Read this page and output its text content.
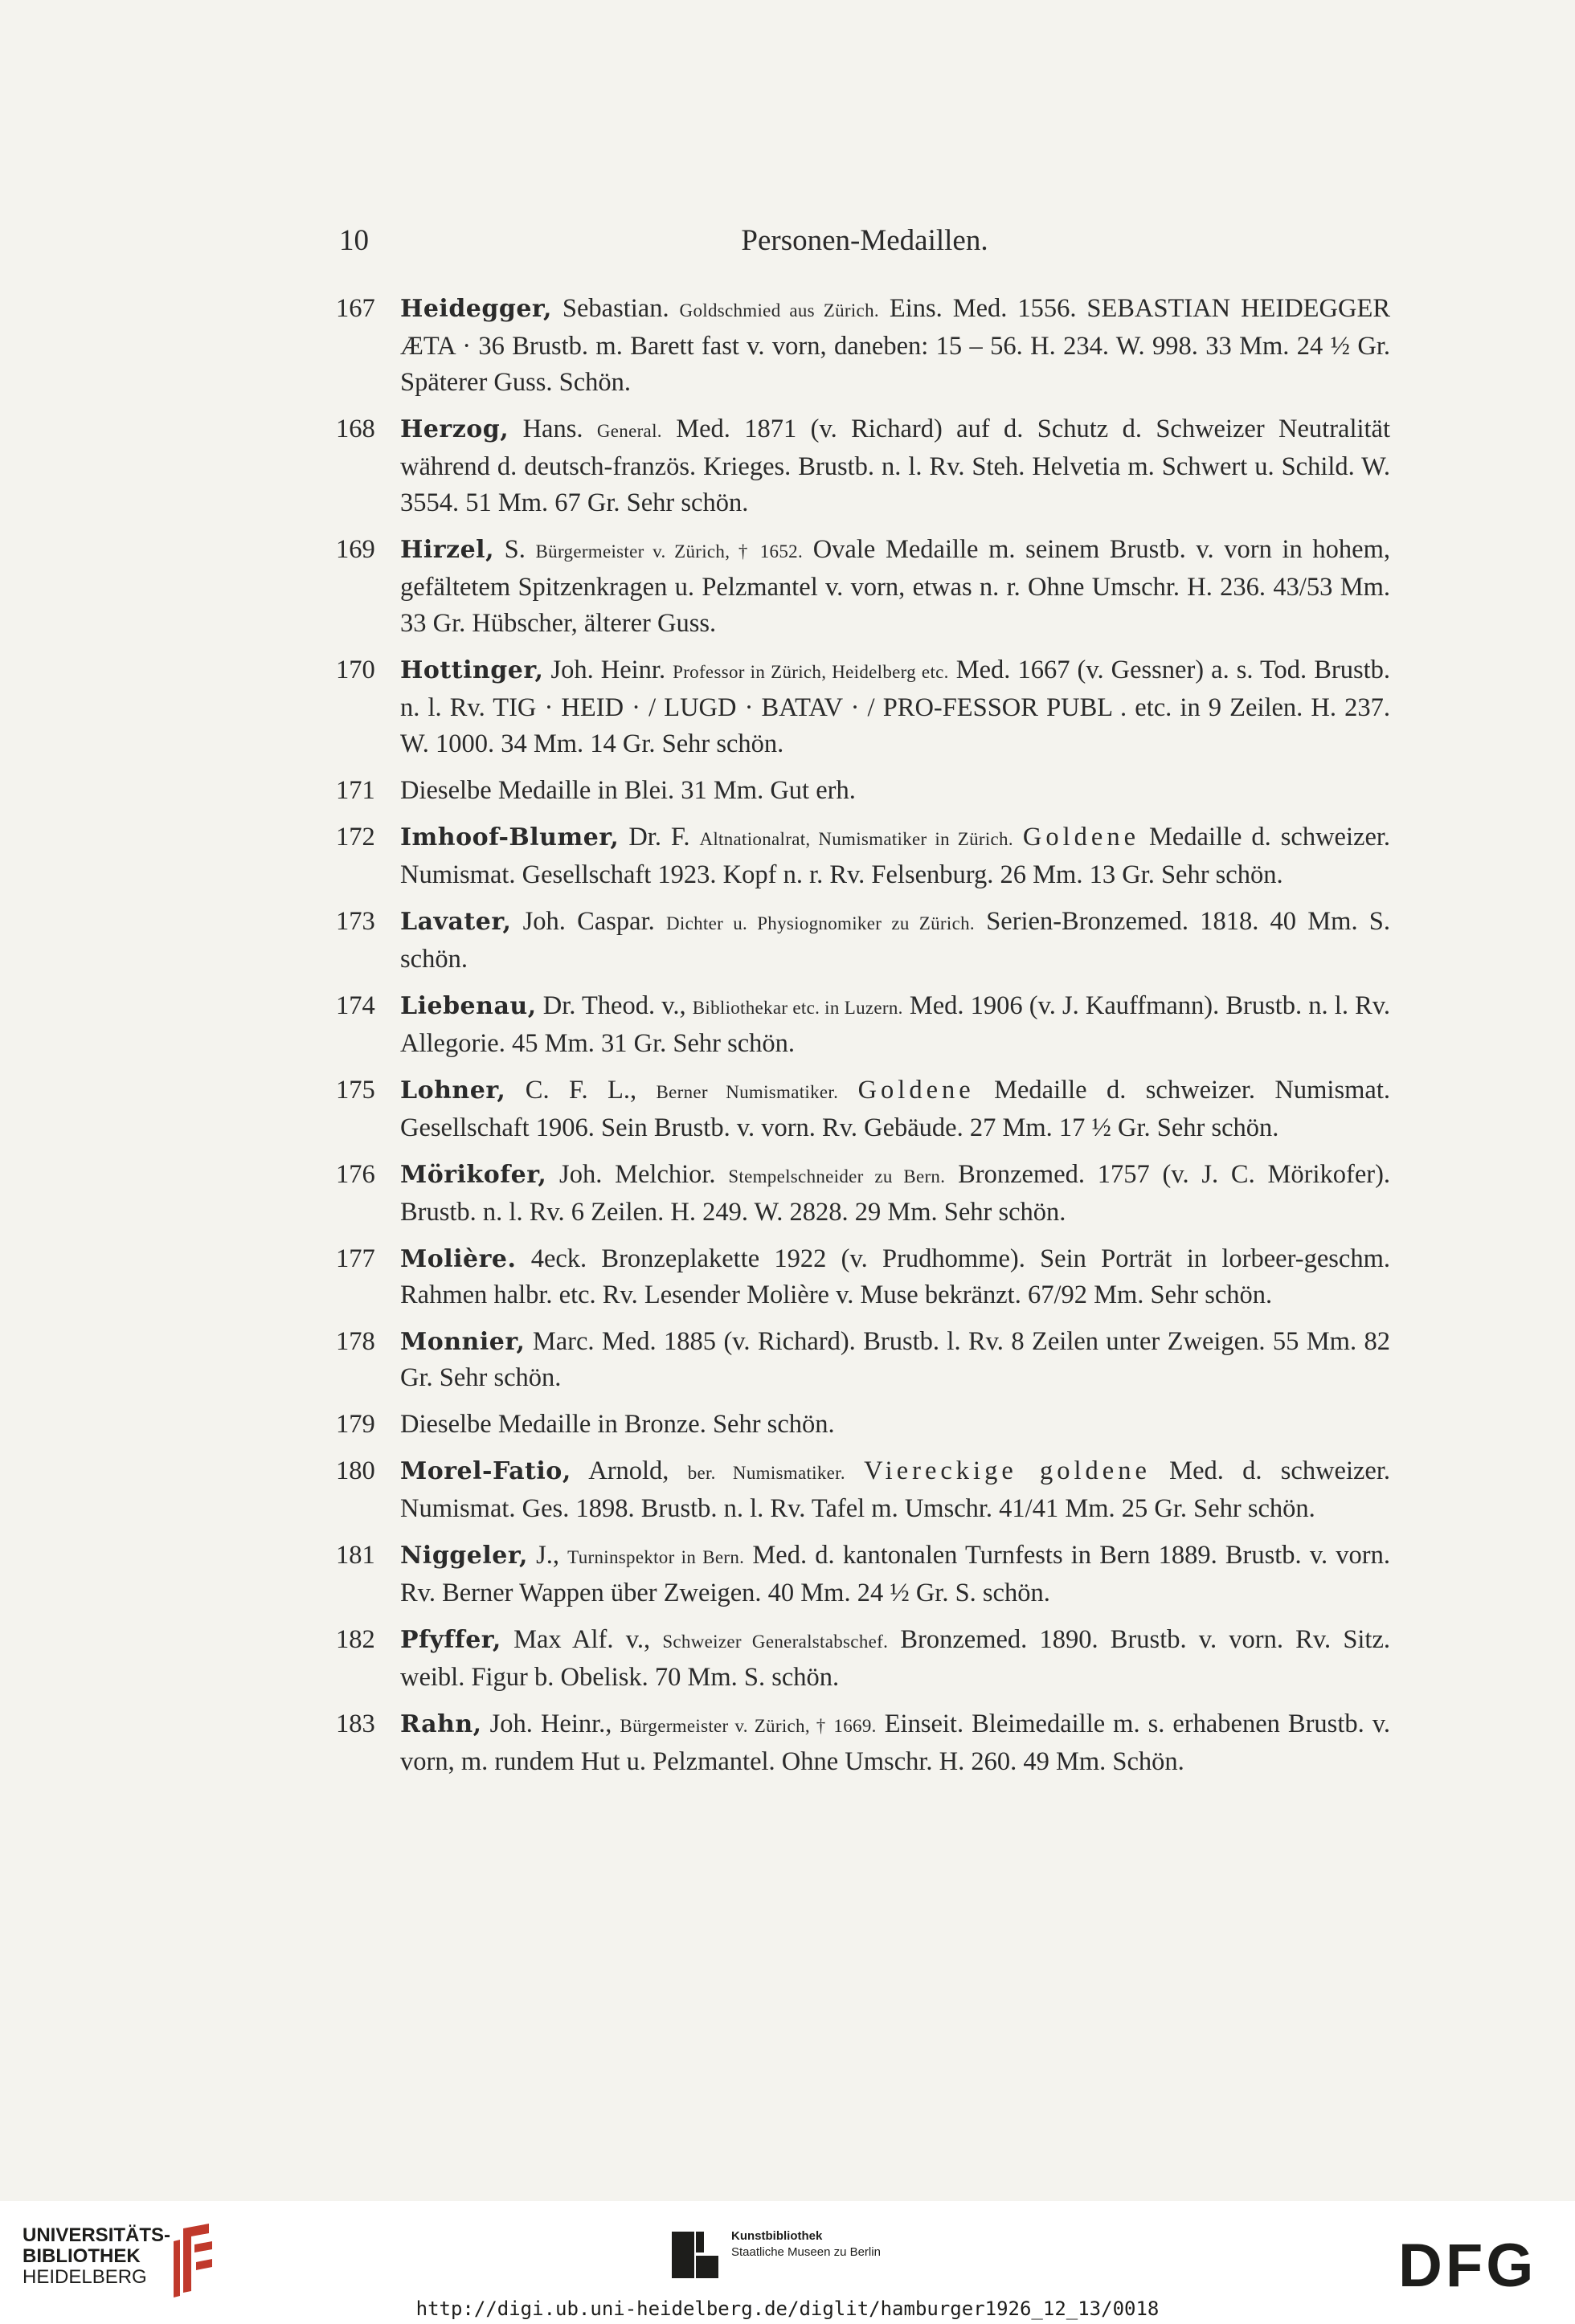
10	Personen-Medaillen.
167 Heidegger, Sebastian. Goldschmied aus Zürich. Eins. Med. 1556. SEBASTIAN HEIDEGGER ÆTA · 36 Brustb. m. Barett fast v. vorn, daneben: 15 – 56. H. 234. W. 998. 33 Mm. 24 ½ Gr. Späterer Guss. Schön.
168 Herzog, Hans. General. Med. 1871 (v. Richard) auf d. Schutz d. Schweizer Neutralität während d. deutsch-französ. Krieges. Brustb. n. l. Rv. Steh. Helvetia m. Schwert u. Schild. W. 3554. 51 Mm. 67 Gr. Sehr schön.
169 Hirzel, S. Bürgermeister v. Zürich, † 1652. Ovale Medaille m. seinem Brustb. v. vorn in hohem, gefältetem Spitzenkragen u. Pelzmantel v. vorn, etwas n. r. Ohne Umschr. H. 236. 43/53 Mm. 33 Gr. Hübscher, älterer Guss.
170 Hottinger, Joh. Heinr. Professor in Zürich, Heidelberg etc. Med. 1667 (v. Gessner) a. s. Tod. Brustb. n. l. Rv. TIG · HEID · / LUGD · BATAV · / PRO-FESSOR PUBL . etc. in 9 Zeilen. H. 237. W. 1000. 34 Mm. 14 Gr. Sehr schön.
171 Dieselbe Medaille in Blei. 31 Mm. Gut erh.
172 Imhoof-Blumer, Dr. F. Altnationalrat, Numismatiker in Zürich. Goldene Medaille d. schweizer. Numismat. Gesellschaft 1923. Kopf n. r. Rv. Felsenburg. 26 Mm. 13 Gr. Sehr schön.
173 Lavater, Joh. Caspar. Dichter u. Physiognomiker zu Zürich. Serien-Bronzemed. 1818. 40 Mm. S. schön.
174 Liebenau, Dr. Theod. v., Bibliothekar etc. in Luzern. Med. 1906 (v. J. Kauffmann). Brustb. n. l. Rv. Allegorie. 45 Mm. 31 Gr. Sehr schön.
175 Lohner, C. F. L., Berner Numismatiker. Goldene Medaille d. schweizer. Numismat. Gesellschaft 1906. Sein Brustb. v. vorn. Rv. Gebäude. 27 Mm. 17 ½ Gr. Sehr schön.
176 Mörikofer, Joh. Melchior. Stempelschneider zu Bern. Bronzemed. 1757 (v. J. C. Mörikofer). Brustb. n. l. Rv. 6 Zeilen. H. 249. W. 2828. 29 Mm. Sehr schön.
177 Molière. 4eck. Bronzeplakette 1922 (v. Prudhomme). Sein Porträt in lorbeer-geschm. Rahmen halbr. etc. Rv. Lesender Molière v. Muse bekränzt. 67/92 Mm. Sehr schön.
178 Monnier, Marc. Med. 1885 (v. Richard). Brustb. l. Rv. 8 Zeilen unter Zweigen. 55 Mm. 82 Gr. Sehr schön.
179 Dieselbe Medaille in Bronze. Sehr schön.
180 Morel-Fatio, Arnold, ber. Numismatiker. Viereckige goldene Med. d. schweizer. Numismat. Ges. 1898. Brustb. n. l. Rv. Tafel m. Umschr. 41/41 Mm. 25 Gr. Sehr schön.
181 Niggeler, J., Turninspektor in Bern. Med. d. kantonalen Turnfests in Bern 1889. Brustb. v. vorn. Rv. Berner Wappen über Zweigen. 40 Mm. 24 ½ Gr. S. schön.
182 Pfyffer, Max Alf. v., Schweizer Generalstabschef. Bronzemed. 1890. Brustb. v. vorn. Rv. Sitz. weibl. Figur b. Obelisk. 70 Mm. S. schön.
183 Rahn, Joh. Heinr., Bürgermeister v. Zürich, † 1669. Einseit. Bleimedaille m. s. erhabenen Brustb. v. vorn, m. rundem Hut u. Pelzmantel. Ohne Umschr. H. 260. 49 Mm. Schön.
UNIVERSITÄTS-
BIBLIOTHEK
HEIDELBERG
Kunstbibliothek
Staatliche Museen zu Berlin	DFG
http://digi.ub.uni-heidelberg.de/diglit/hamburger1926_12_13/0018
